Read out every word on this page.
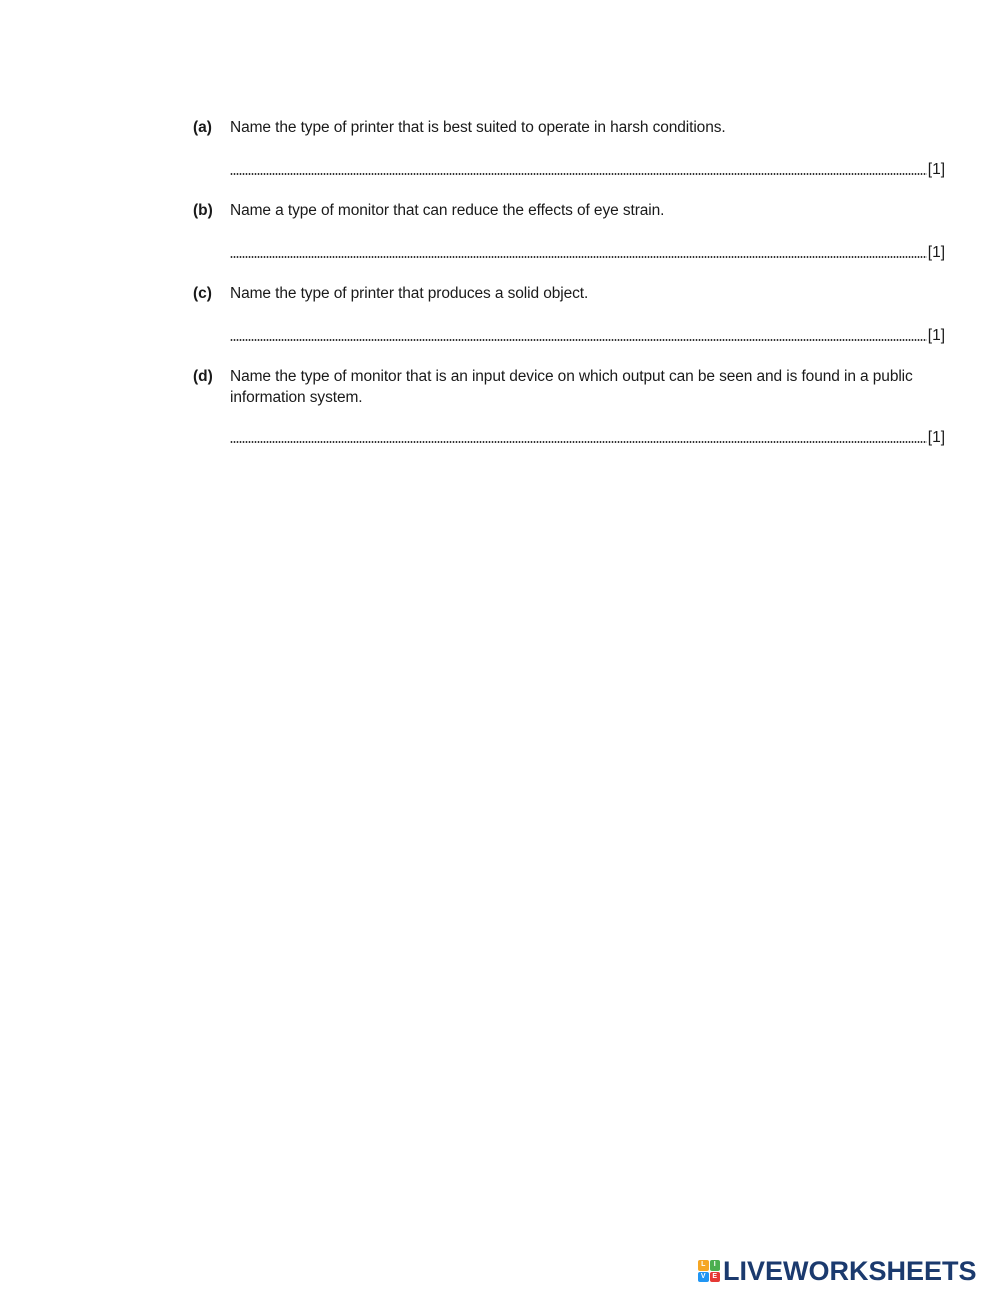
(a)	Name the type of printer that is best suited to operate in harsh conditions.
[1]
(b)	Name a type of monitor that can reduce the effects of eye strain.
[1]
(c)	Name the type of printer that produces a solid object.
[1]
(d)	Name the type of monitor that is an input device on which output can be seen and is found in a public information system.
[1]
L	I
V E LIVEWORKSHEETS
